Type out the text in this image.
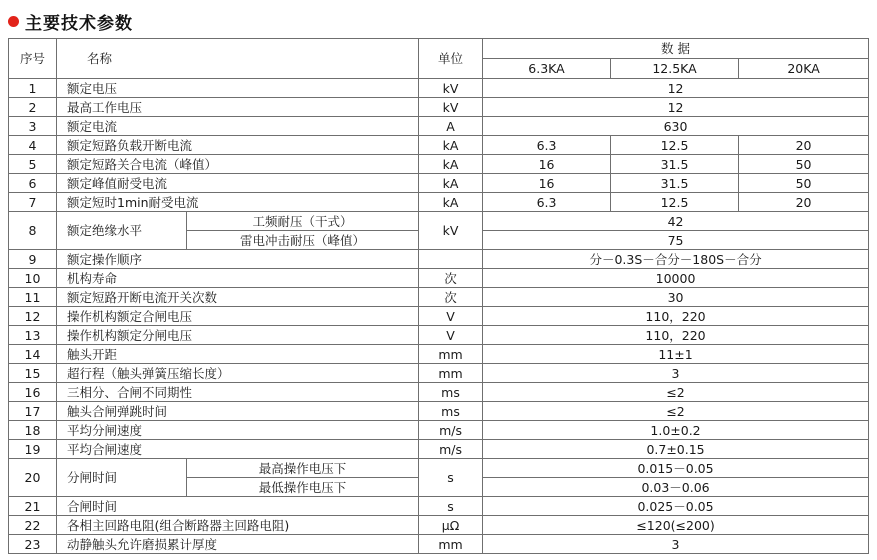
主要技术参数
序号	名称		单位	数 据		
				6.3KA	12.5KA	20KA
1	额定电压		kV	12		
2	最高工作电压		kV	12		
3	额定电流		A	630		
4	额定短路负载开断电流		kA	6.3	12.5	20
5	额定短路关合电流（峰值）		kA	16	31.5	50
6	额定峰值耐受电流		kA	16	31.5	50
7	额定短时1min耐受电流		kA	6.3	12.5	20
8	额定绝缘水平	工频耐压（干式）	kV	42		
		雷电冲击耐压（峰值）		75		
9	额定操作顺序			分－0.3S－合分－180S－合分		
10	机构寿命		次	10000		
11	额定短路开断电流开关次数		次	30		
12	操作机构额定合闸电压		V	110，220		
13	操作机构额定分闸电压		V	110，220		
14	触头开距		mm	11±1		
15	超行程（触头弹簧压缩长度）		mm	3		
16	三相分、合闸不同期性		ms	≤2		
17	触头合闸弹跳时间		ms	≤2		
18	平均分闸速度		m/s	1.0±0.2		
19	平均合闸速度		m/s	0.7±0.15		
20	分闸时间	最高操作电压下	s	0.015－0.05		
		最低操作电压下		0.03－0.06		
21	合闸时间		s	0.025－0.05		
22	各相主回路电阻(组合断路器主回路电阻)		μΩ	≤120(≤200)		
23	动静触头允许磨损累计厚度		mm	3		
